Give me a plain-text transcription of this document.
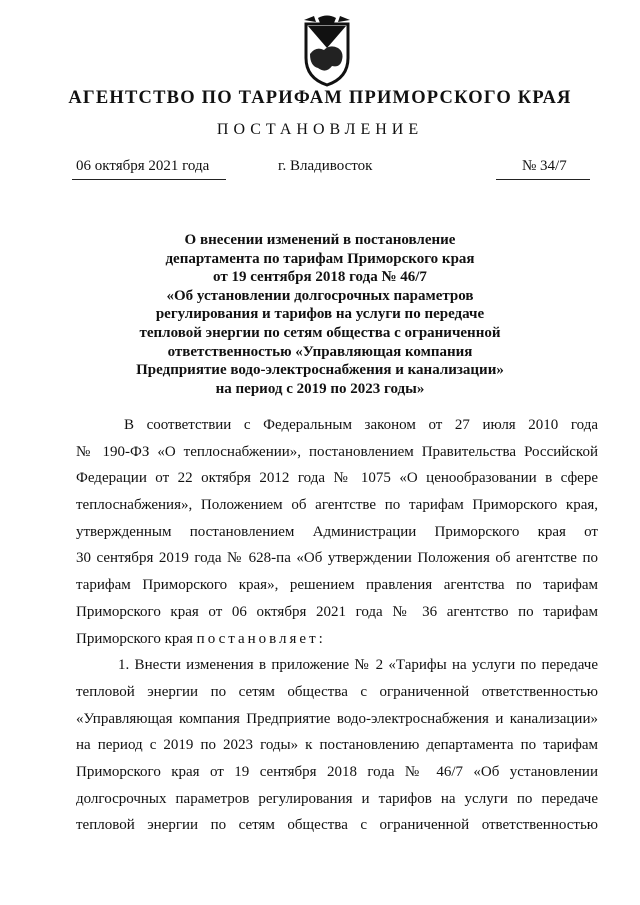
АГЕНТСТВО ПО ТАРИФАМ ПРИМОРСКОГО КРАЯ
ПОСТАНОВЛЕНИЕ
06 октября 2021 года	г. Владивосток	№ 34/7
О внесении изменений в постановление
департамента по тарифам Приморского края
от 19 сентября 2018 года № 46/7
«Об установлении долгосрочных параметров
регулирования и тарифов на услуги по передаче
тепловой энергии по сетям общества с ограниченной
ответственностью «Управляющая компания
Предприятие водо-электроснабжения и канализации»
на период с 2019 по 2023 годы»
В соответствии с Федеральным законом от 27 июля 2010 года
№ 190-ФЗ «О теплоснабжении», постановлением Правительства Российской
Федерации от 22 октября 2012 года № 1075 «О ценообразовании в сфере
теплоснабжения», Положением об агентстве по тарифам Приморского края,
утвержденным постановлением Администрации Приморского края от
30 сентября 2019 года № 628-па «Об утверждении Положения об агентстве по
тарифам Приморского края», решением правления агентства по тарифам
Приморского края от 06 октября 2021 года № 36 агентство по тарифам
Приморского края постановляет:
1. Внести изменения в приложение № 2 «Тарифы на услуги по передаче
тепловой энергии по сетям общества с ограниченной ответственностью
«Управляющая компания Предприятие водо-электроснабжения и канализации»
на период с 2019 по 2023 годы» к постановлению департамента по тарифам
Приморского края от 19 сентября 2018 года № 46/7 «Об установлении
долгосрочных параметров регулирования и тарифов на услуги по передаче
тепловой энергии по сетям общества с ограниченной ответственностью
